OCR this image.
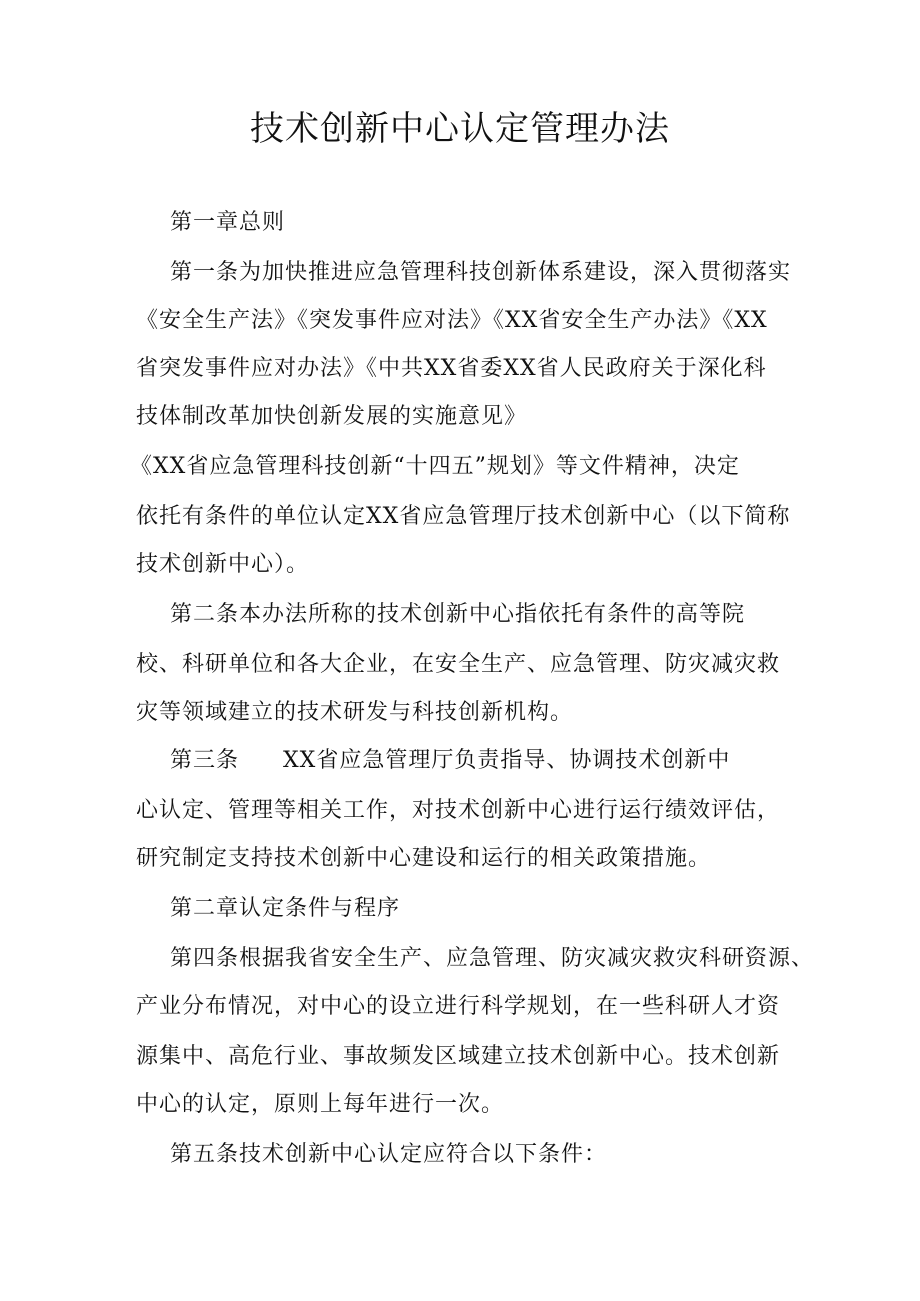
技术创新中心认定管理办法
第一章总则
第一条为加快推进应急管理科技创新体系建设，深入贯彻落实
《安全生产法》《突发事件应对法》《XX省安全生产办法》《XX
省突发事件应对办法》《中共XX省委XX省人民政府关于深化科
技体制改革加快创新发展的实施意见》
《XX省应急管理科技创新“十四五”规划》等文件精神，决定
依托有条件的单位认定XX省应急管理厅技术创新中心（以下简称
技术创新中心）。
第二条本办法所称的技术创新中心指依托有条件的高等院
校、科研单位和各大企业，在安全生产、应急管理、防灾减灾救
灾等领域建立的技术研发与科技创新机构。
第三条 XX省应急管理厅负责指导、协调技术创新中
心认定、管理等相关工作，对技术创新中心进行运行绩效评估，
研究制定支持技术创新中心建设和运行的相关政策措施。
第二章认定条件与程序
第四条根据我省安全生产、应急管理、防灾减灾救灾科研资源、
产业分布情况，对中心的设立进行科学规划，在一些科研人才资
源集中、高危行业、事故频发区域建立技术创新中心。技术创新
中心的认定，原则上每年进行一次。
第五条技术创新中心认定应符合以下条件：
